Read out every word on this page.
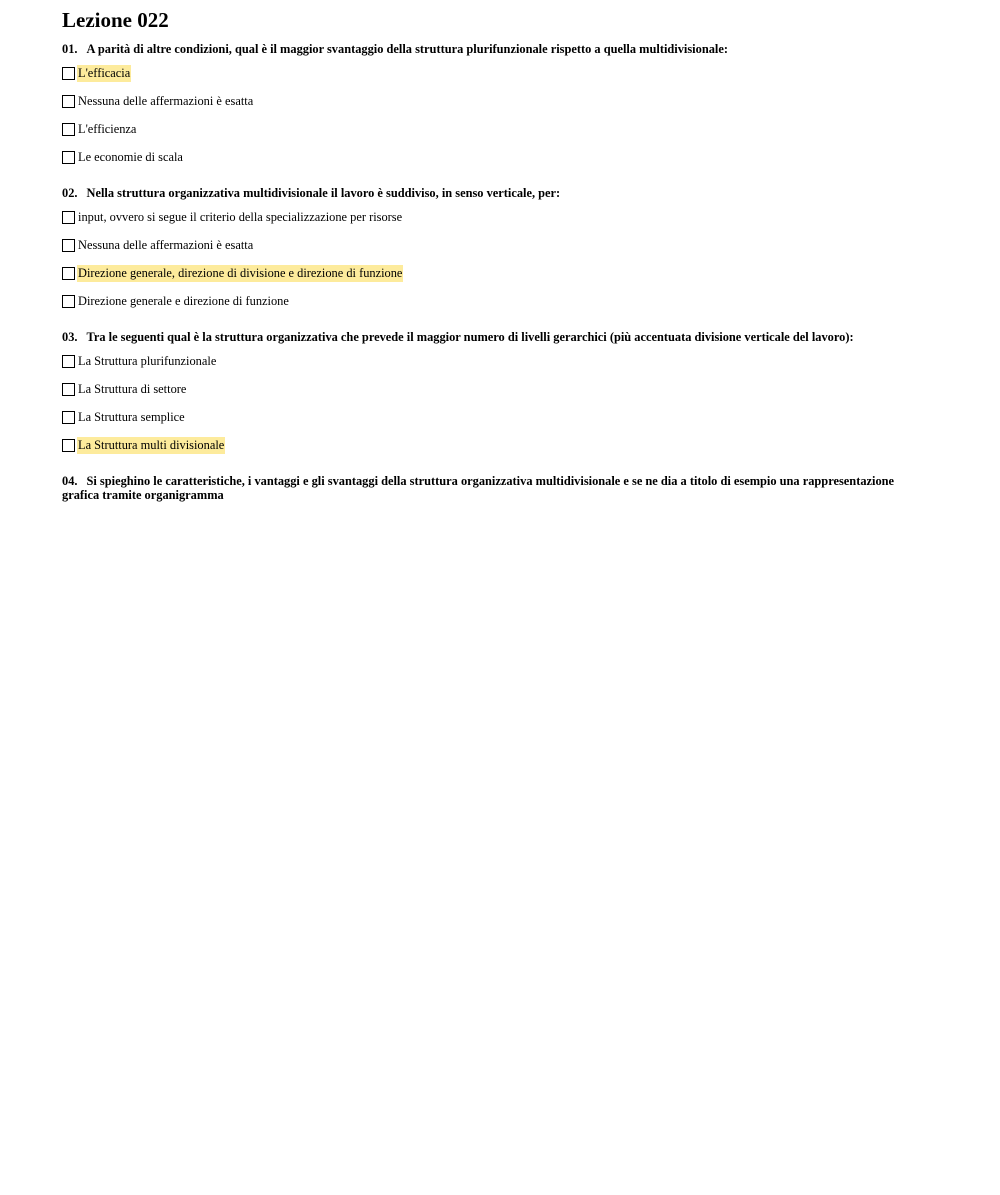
Lezione 022

01. A parità di altre condizioni, qual è il maggior svantaggio della struttura plurifunzionale rispetto a quella multidivisionale:

L'efficacia
Nessuna delle affermazioni è esatta
L'efficienza
Le economie di scala

02. Nella struttura organizzativa multidivisionale il lavoro è suddiviso, in senso verticale, per:

input, ovvero si segue il criterio della specializzazione per risorse
Nessuna delle affermazioni è esatta
Direzione generale, direzione di divisione e direzione di funzione
Direzione generale e direzione di funzione

03. Tra le seguenti qual è la struttura organizzativa che prevede il maggior numero di livelli gerarchici (più accentuata divisione verticale del lavoro):

La Struttura plurifunzionale
La Struttura di settore
La Struttura semplice
La Struttura multi divisionale

04. Si spieghino le caratteristiche, i vantaggi e gli svantaggi della struttura organizzativa multidivisionale e se ne dia a titolo di esempio una rappresentazione grafica tramite organigramma
